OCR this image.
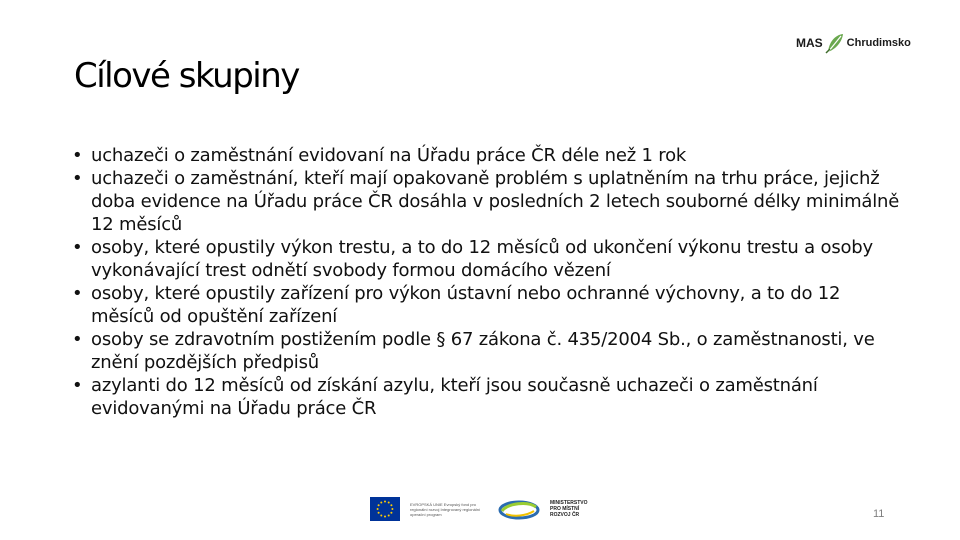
MAS Chrudimsko
Cílové skupiny
• uchazeči o zaměstnání evidovaní na Úřadu práce ČR déle než 1 rok
• uchazeči o zaměstnání, kteří mají opakovaně problém s uplatněním na trhu práce, jejichž doba evidence na Úřadu práce ČR dosáhla v posledních 2 letech souborné délky minimálně 12 měsíců
• osoby, které opustily výkon trestu, a to do 12 měsíců od ukončení výkonu trestu a osoby vykonávající trest odnětí svobody formou domácího vězení
• osoby, které opustily zařízení pro výkon ústavní nebo ochranné výchovny, a to do 12 měsíců od opuštění zařízení
• osoby se zdravotním postižením podle § 67 zákona č. 435/2004 Sb., o zaměstnanosti, ve znění pozdějších předpisů
• azylanti do 12 měsíců od získání azylu, kteří jsou současně uchazeči o zaměstnání evidovanými na Úřadu práce ČR
EVROPSKÁ UNIE Evropský fond pro regionální rozvoj Integrovaný regionální operační program
MINISTERSTVO
PRO MÍSTNÍ
ROZVOJ ČR	11
